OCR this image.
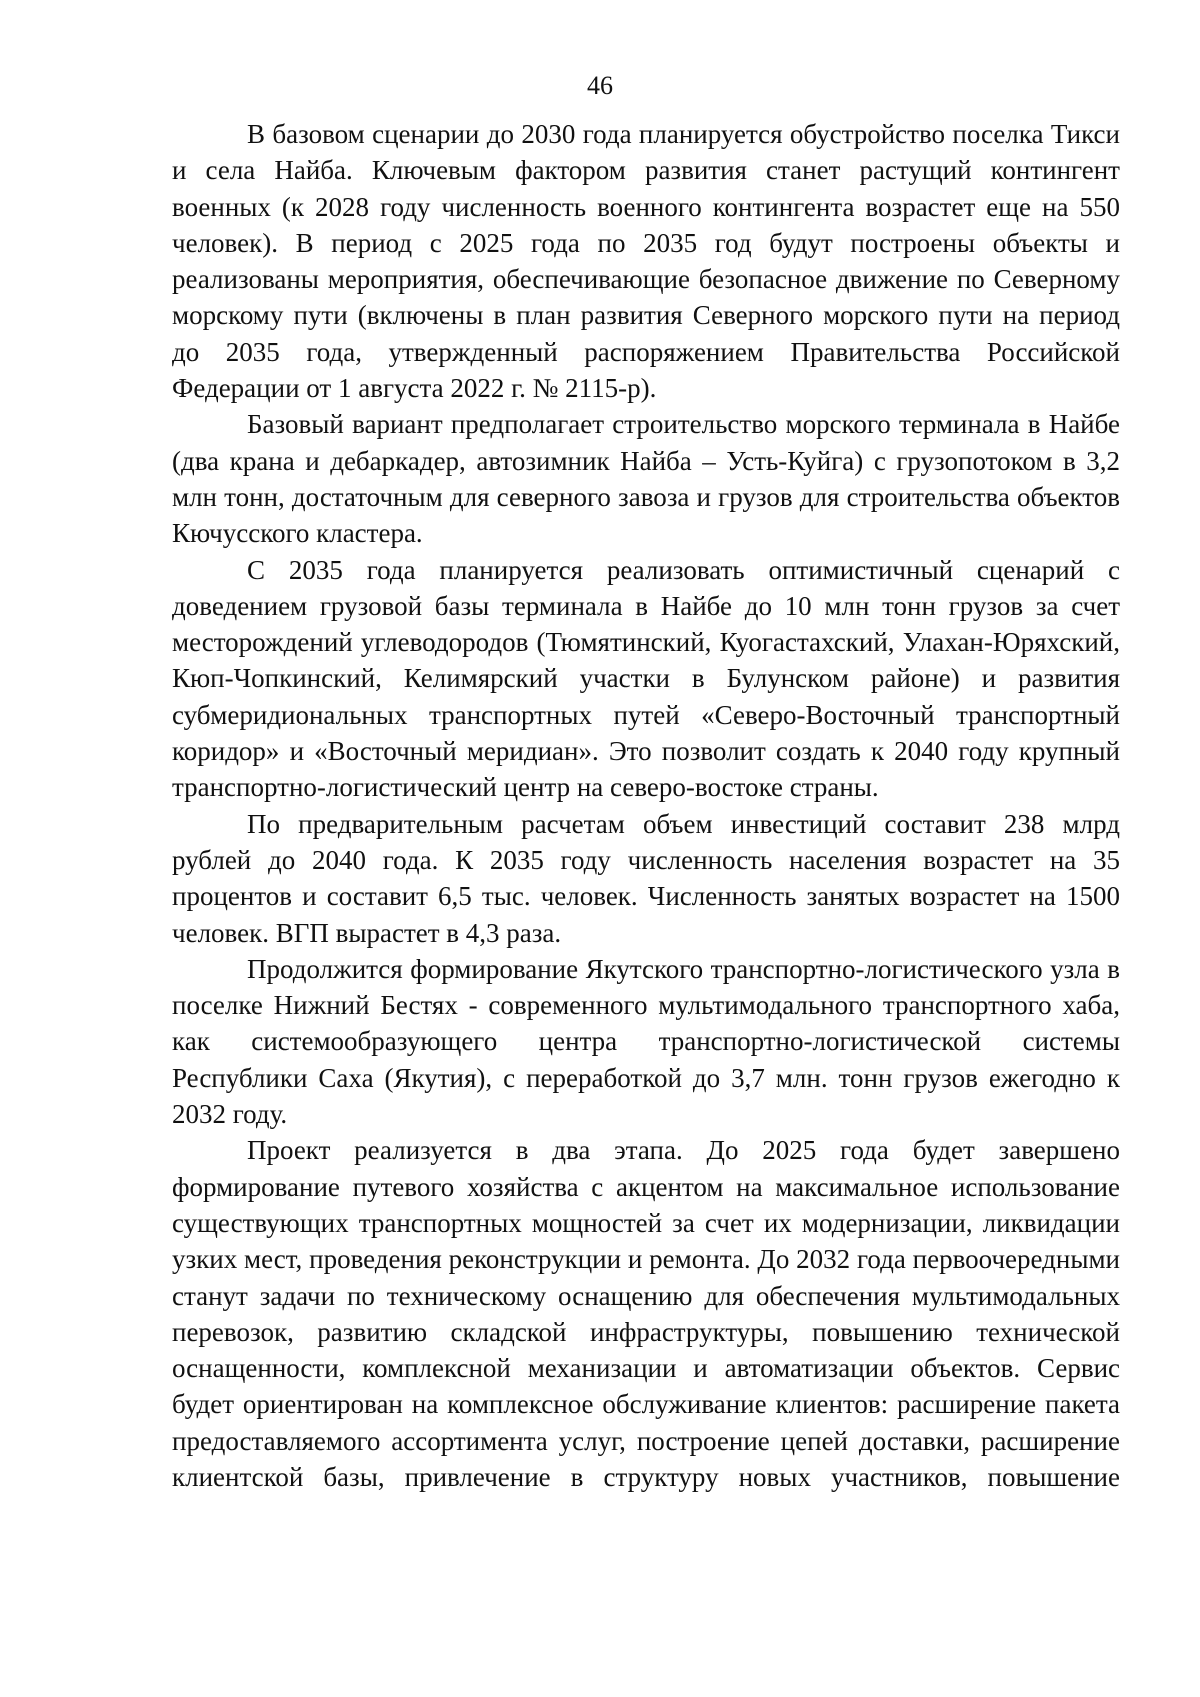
46

В базовом сценарии до 2030 года планируется обустройство поселка Тикси и села Найба. Ключевым фактором развития станет растущий контингент военных (к 2028 году численность военного контингента возрастет еще на 550 человек). В период с 2025 года по 2035 год будут построены объекты и реализованы мероприятия, обеспечивающие безопасное движение по Северному морскому пути (включены в план развития Северного морского пути на период до 2035 года, утвержденный распоряжением Правительства Российской Федерации от 1 августа 2022 г. № 2115-р).

Базовый вариант предполагает строительство морского терминала в Найбе (два крана и дебаркадер, автозимник Найба – Усть-Куйга) с грузопотоком в 3,2 млн тонн, достаточным для северного завоза и грузов для строительства объектов Кючусского кластера.

С 2035 года планируется реализовать оптимистичный сценарий с доведением грузовой базы терминала в Найбе до 10 млн тонн грузов за счет месторождений углеводородов (Тюмятинский, Куогастахский, Улахан-Юряхский, Кюп-Чопкинский, Келимярский участки в Булунском районе) и развития субмеридиональных транспортных путей «Северо-Восточный транспортный коридор» и «Восточный меридиан». Это позволит создать к 2040 году крупный транспортно-логистический центр на северо-востоке страны.

По предварительным расчетам объем инвестиций составит 238 млрд рублей до 2040 года. К 2035 году численность населения возрастет на 35 процентов и составит 6,5 тыс. человек. Численность занятых возрастет на 1500 человек. ВГП вырастет в 4,3 раза.

Продолжится формирование Якутского транспортно-логистического узла в поселке Нижний Бестях - современного мультимодального транспортного хаба, как системообразующего центра транспортно-логистической системы Республики Саха (Якутия), с переработкой до 3,7 млн. тонн грузов ежегодно к 2032 году.

Проект реализуется в два этапа. До 2025 года будет завершено формирование путевого хозяйства с акцентом на максимальное использование существующих транспортных мощностей за счет их модернизации, ликвидации узких мест, проведения реконструкции и ремонта. До 2032 года первоочередными станут задачи по техническому оснащению для обеспечения мультимодальных перевозок, развитию складской инфраструктуры, повышению технической оснащенности, комплексной механизации и автоматизации объектов. Сервис будет ориентирован на комплексное обслуживание клиентов: расширение пакета предоставляемого ассортимента услуг, построение цепей доставки, расширение клиентской базы, привлечение в структуру новых участников, повышение
